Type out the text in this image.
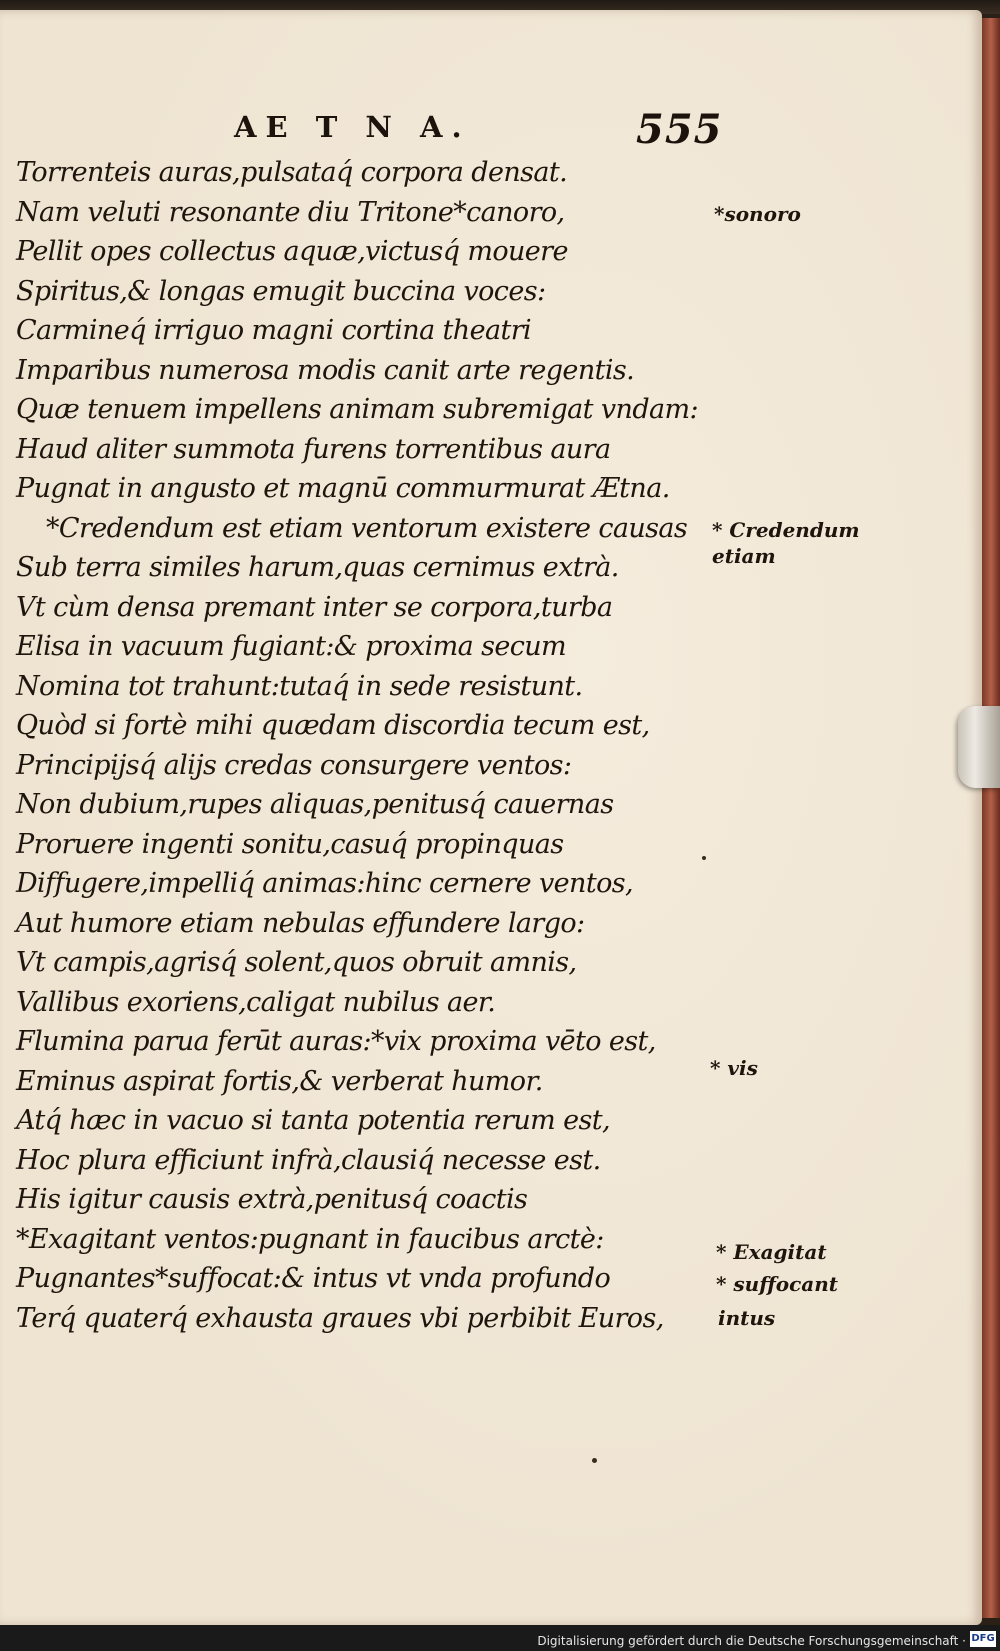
AE T N A.	555
Torrenteis auras,pulsataq́ corpora densat.
Nam veluti resonante diu Tritone*canoro,
Pellit opes collectus aquæ,victusq́ mouere
Spiritus,& longas emugit buccina voces:
Carmineq́ irriguo magni cortina theatri
Imparibus numerosa modis canit arte regentis.
Quæ tenuem impellens animam subremigat vndam:
Haud aliter summota furens torrentibus aura
Pugnat in angusto et magnū commurmurat Ætna.
*Credendum est etiam ventorum existere causas
Sub terra similes harum,quas cernimus extrà.
Vt cùm densa premant inter se corpora,turba
Elisa in vacuum fugiant:& proxima secum
Nomina tot trahunt:tutaq́ in sede resistunt.
Quòd si fortè mihi quædam discordia tecum est,
Principijsq́ alijs credas consurgere ventos:
Non dubium,rupes aliquas,penitusq́ cauernas
Proruere ingenti sonitu,casuq́ propinquas
Diffugere,impelliq́ animas:hinc cernere ventos,
Aut humore etiam nebulas effundere largo:
Vt campis,agrisq́ solent,quos obruit amnis,
Vallibus exoriens,caligat nubilus aer.
Flumina parua ferūt auras:*vix proxima vēto est,
Eminus aspirat fortis,& verberat humor.
Atq́ hæc in vacuo si tanta potentia rerum est,
Hoc plura efficiunt infrà,clausiq́ necesse est.
His igitur causis extrà,penitusq́ coactis
*Exagitant ventos:pugnant in faucibus arctè:
Pugnantes*suffocat:& intus vt vnda profundo
Terq́ quaterq́ exhausta graues vbi perbibit Euros,
*sonoro
* Credendum
etiam
* vis
* Exagitat
* suffocant
intus
Digitalisierung gefördert durch die Deutsche Forschungsgemeinschaft · DFG
